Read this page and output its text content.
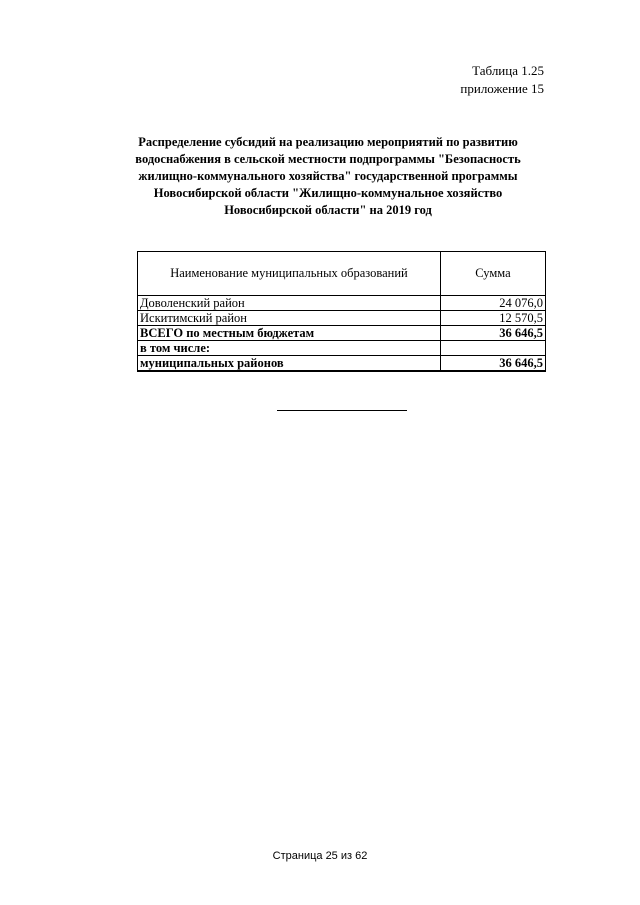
Таблица 1.25
приложение 15
Распределение субсидий на реализацию мероприятий по развитию
водоснабжения в сельской местности подпрограммы "Безопасность
жилищно-коммунального хозяйства" государственной программы
Новосибирской области "Жилищно-коммунальное хозяйство
Новосибирской области" на 2019 год
Наименование муниципальных образований	Сумма
Доволенский район	24 076,0
Искитимский район	12 570,5
ВСЕГО по местным бюджетам	36 646,5
в том числе:	
муниципальных районов	36 646,5
Страница 25 из 62
